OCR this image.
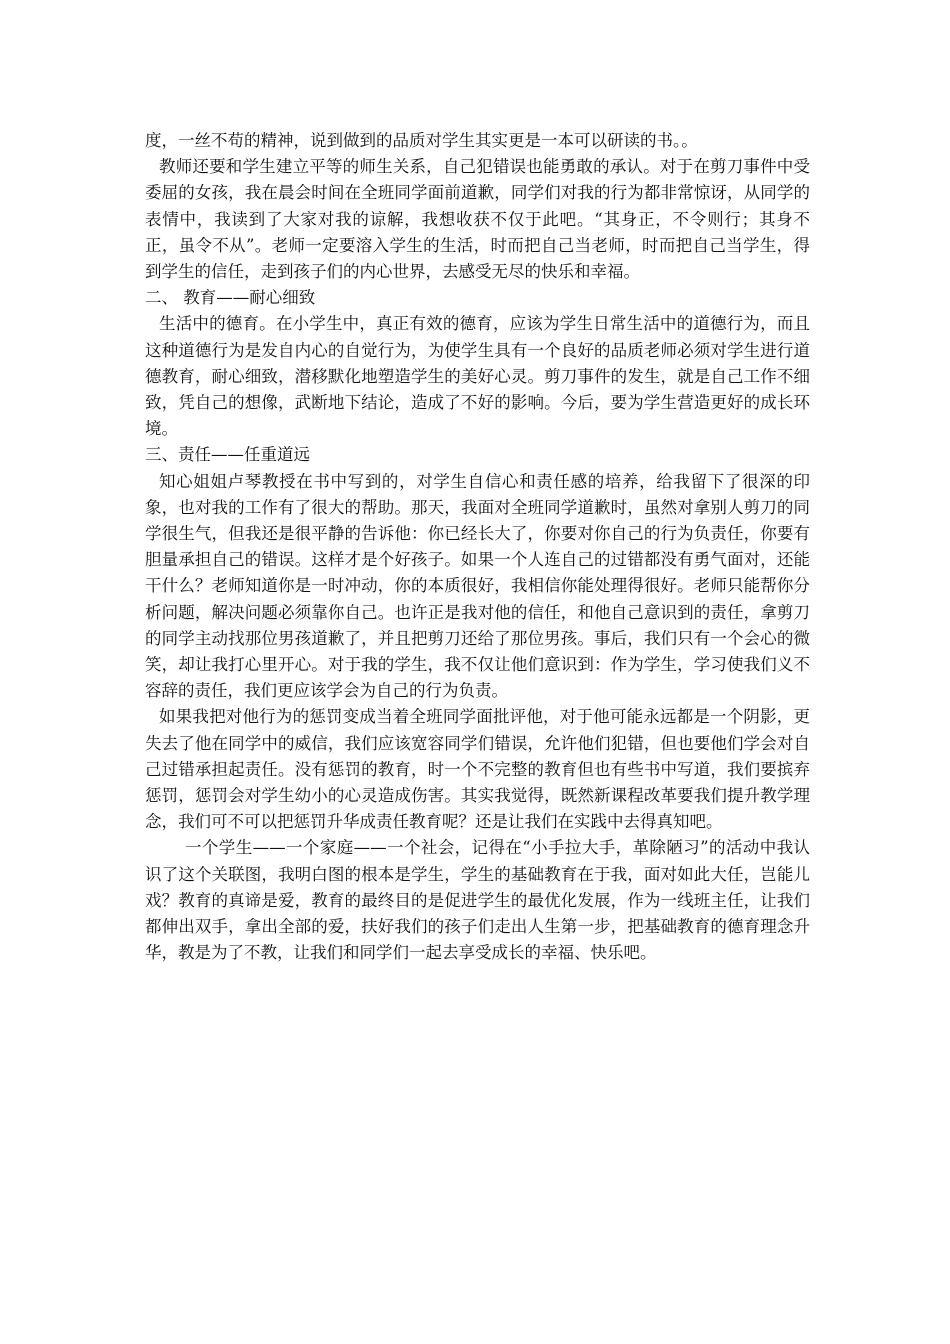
度，一丝不苟的精神，说到做到的品质对学生其实更是一本可以研读的书。。

教师还要和学生建立平等的师生关系，自己犯错误也能勇敢的承认。对于在剪刀事件中受委屈的女孩，我在晨会时间在全班同学面前道歉，同学们对我的行为都非常惊讶，从同学的表情中，我读到了大家对我的谅解，我想收获不仅于此吧。“其身正，不令则行；其身不正，虽令不从”。老师一定要溶入学生的生活，时而把自己当老师，时而把自己当学生，得到学生的信任，走到孩子们的内心世界，去感受无尽的快乐和幸福。

二、 教育——耐心细致

生活中的德育。在小学生中，真正有效的德育，应该为学生日常生活中的道德行为，而且这种道德行为是发自内心的自觉行为，为使学生具有一个良好的品质老师必须对学生进行道德教育，耐心细致，潜移默化地塑造学生的美好心灵。剪刀事件的发生，就是自己工作不细致，凭自己的想像，武断地下结论，造成了不好的影响。今后，要为学生营造更好的成长环境。

三、责任——任重道远

知心姐姐卢琴教授在书中写到的，对学生自信心和责任感的培养，给我留下了很深的印象，也对我的工作有了很大的帮助。那天，我面对全班同学道歉时，虽然对拿别人剪刀的同学很生气，但我还是很平静的告诉他：你已经长大了，你要对你自己的行为负责任，你要有胆量承担自己的错误。这样才是个好孩子。如果一个人连自己的过错都没有勇气面对，还能干什么？老师知道你是一时冲动，你的本质很好，我相信你能处理得很好。老师只能帮你分析问题，解决问题必须靠你自己。也许正是我对他的信任，和他自己意识到的责任，拿剪刀的同学主动找那位男孩道歉了，并且把剪刀还给了那位男孩。事后，我们只有一个会心的微笑，却让我打心里开心。对于我的学生，我不仅让他们意识到：作为学生，学习使我们义不容辞的责任，我们更应该学会为自己的行为负责。

如果我把对他行为的惩罚变成当着全班同学面批评他，对于他可能永远都是一个阴影，更失去了他在同学中的威信，我们应该宽容同学们错误，允许他们犯错，但也要他们学会对自己过错承担起责任。没有惩罚的教育，时一个不完整的教育但也有些书中写道，我们要摈弃惩罚，惩罚会对学生幼小的心灵造成伤害。其实我觉得，既然新课程改革要我们提升教学理念，我们可不可以把惩罚升华成责任教育呢？还是让我们在实践中去得真知吧。

一个学生——一个家庭——一个社会，记得在“小手拉大手，革除陋习”的活动中我认识了这个关联图，我明白图的根本是学生，学生的基础教育在于我，面对如此大任，岂能儿戏？教育的真谛是爱，教育的最终目的是促进学生的最优化发展，作为一线班主任，让我们都伸出双手，拿出全部的爱，扶好我们的孩子们走出人生第一步，把基础教育的德育理念升华，教是为了不教，让我们和同学们一起去享受成长的幸福、快乐吧。
